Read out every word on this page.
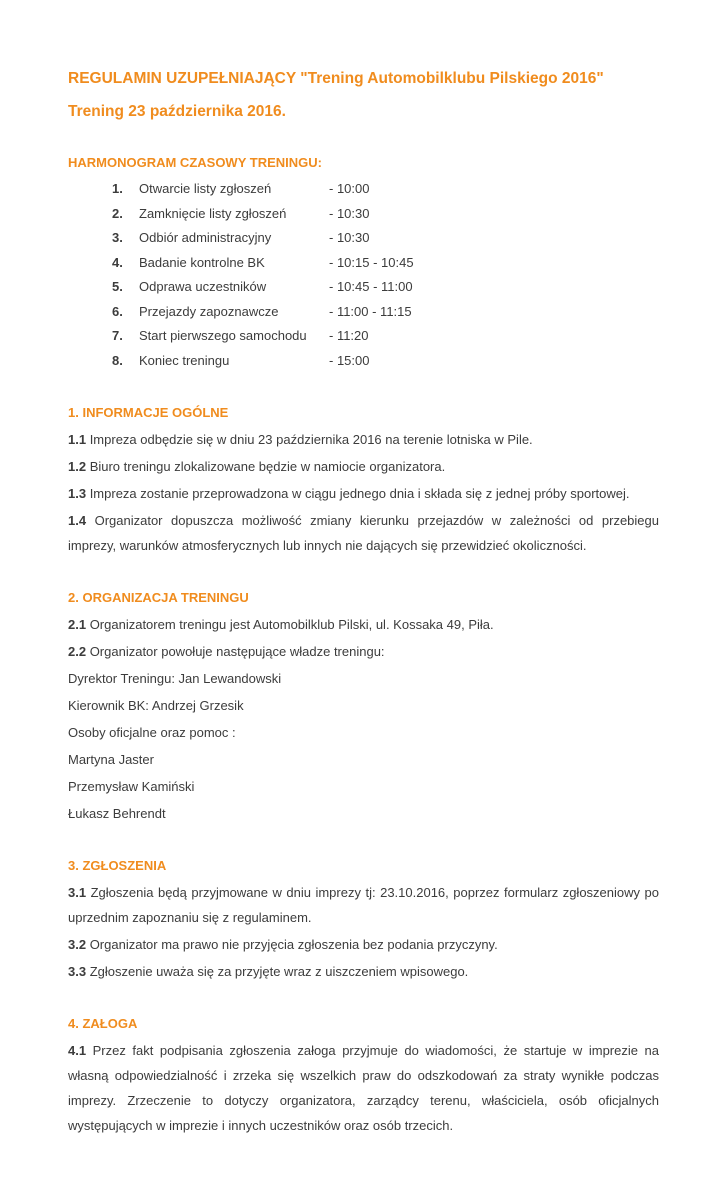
REGULAMIN UZUPEŁNIAJĄCY "Trening Automobilklubu Pilskiego 2016"
Trening 23 października 2016.
HARMONOGRAM CZASOWY TRENINGU:
1.	Otwarcie listy zgłoszeń	- 10:00
2.	Zamknięcie listy zgłoszeń	- 10:30
3.	Odbiór administracyjny	- 10:30
4.	Badanie kontrolne BK	- 10:15 - 10:45
5.	Odprawa uczestników	- 10:45 - 11:00
6.	Przejazdy zapoznawcze	- 11:00 - 11:15
7.	Start pierwszego samochodu	- 11:20
8.	Koniec treningu	- 15:00
1. INFORMACJE OGÓLNE

1.1 Impreza odbędzie się w dniu 23 października 2016 na terenie lotniska w Pile.

1.2 Biuro treningu zlokalizowane będzie w namiocie organizatora.

1.3 Impreza zostanie przeprowadzona w ciągu jednego dnia i składa się z jednej próby sportowej.

1.4 Organizator dopuszcza możliwość zmiany kierunku przejazdów w zależności od przebiegu imprezy, warunków atmosferycznych lub innych nie dających się przewidzieć okoliczności.

2. ORGANIZACJA TRENINGU

2.1 Organizatorem treningu jest Automobilklub Pilski, ul. Kossaka 49, Piła.

2.2 Organizator powołuje następujące władze treningu:

Dyrektor Treningu: Jan Lewandowski

Kierownik BK: Andrzej Grzesik

Osoby oficjalne oraz pomoc :

Martyna Jaster

Przemysław Kamiński

Łukasz Behrendt

3. ZGŁOSZENIA

3.1 Zgłoszenia będą przyjmowane w dniu imprezy tj: 23.10.2016, poprzez formularz zgłoszeniowy po uprzednim zapoznaniu się z regulaminem.

3.2 Organizator ma prawo nie przyjęcia zgłoszenia bez podania przyczyny.

3.3 Zgłoszenie uważa się za przyjęte wraz z uiszczeniem wpisowego.

4. ZAŁOGA

4.1 Przez fakt podpisania zgłoszenia załoga przyjmuje do wiadomości, że startuje w imprezie na własną odpowiedzialność i zrzeka się wszelkich praw do odszkodowań za straty wynikłe podczas imprezy. Zrzeczenie to dotyczy organizatora, zarządcy terenu, właściciela, osób oficjalnych występujących w imprezie i innych uczestników oraz osób trzecich.
